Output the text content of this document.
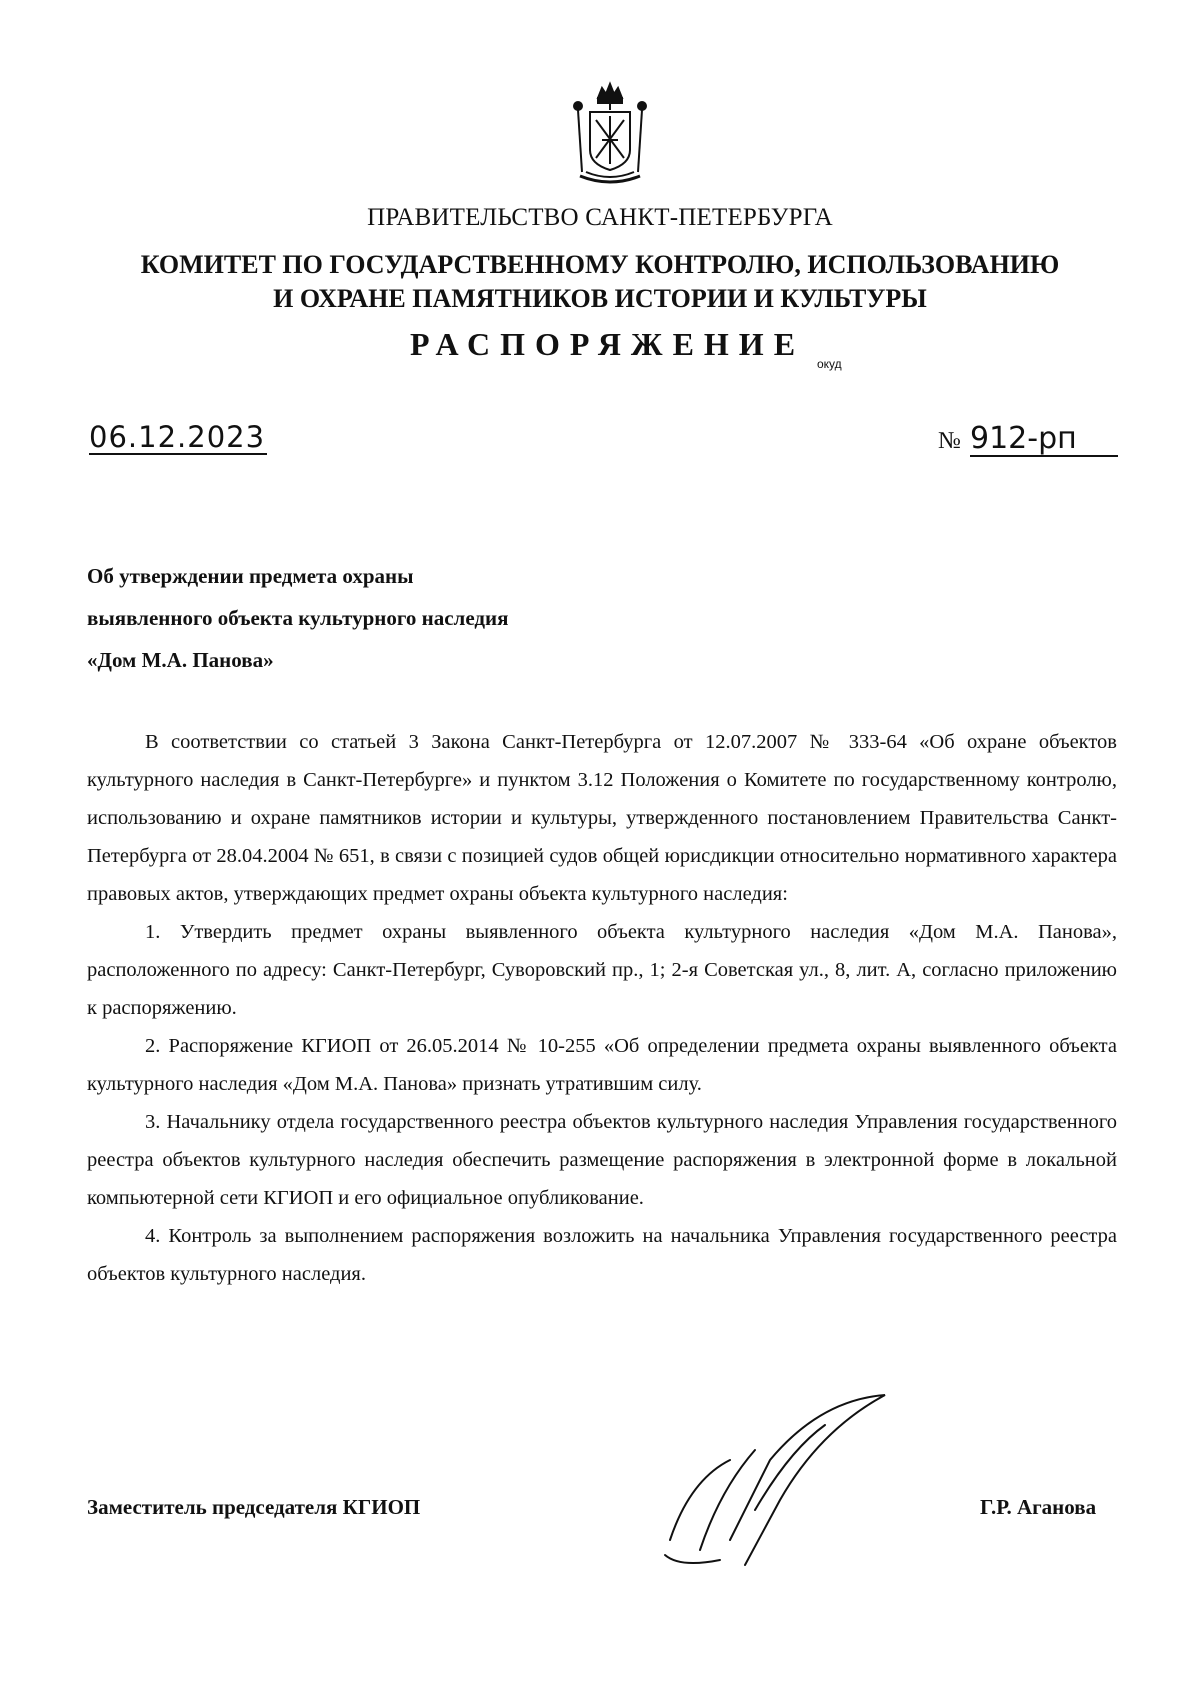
ПРАВИТЕЛЬСТВО САНКТ-ПЕТЕРБУРГА
КОМИТЕТ ПО ГОСУДАРСТВЕННОМУ КОНТРОЛЮ, ИСПОЛЬЗОВАНИЮ
И ОХРАНЕ ПАМЯТНИКОВ ИСТОРИИ И КУЛЬТУРЫ
РАСПОРЯЖЕНИЕ
окуд
06.12.2023	№ 912-рп
Об утверждении предмета охраны
выявленного объекта культурного наследия
«Дом М.А. Панова»

В соответствии со статьей 3 Закона Санкт-Петербурга от 12.07.2007 № 333-64 «Об охране объектов культурного наследия в Санкт-Петербурге» и пунктом 3.12 Положения о Комитете по государственному контролю, использованию и охране памятников истории и культуры, утвержденного постановлением Правительства Санкт-Петербурга от 28.04.2004 № 651, в связи с позицией судов общей юрисдикции относительно нормативного характера правовых актов, утверждающих предмет охраны объекта культурного наследия:

1. Утвердить предмет охраны выявленного объекта культурного наследия «Дом М.А. Панова», расположенного по адресу: Санкт-Петербург, Суворовский пр., 1; 2-я Советская ул., 8, лит. А, согласно приложению к распоряжению.

2. Распоряжение КГИОП от 26.05.2014 № 10-255 «Об определении предмета охраны выявленного объекта культурного наследия «Дом М.А. Панова» признать утратившим силу.

3. Начальнику отдела государственного реестра объектов культурного наследия Управления государственного реестра объектов культурного наследия обеспечить размещение распоряжения в электронной форме в локальной компьютерной сети КГИОП и его официальное опубликование.

4. Контроль за выполнением распоряжения возложить на начальника Управления государственного реестра объектов культурного наследия.

Заместитель председателя КГИОП	Г.Р. Аганова
